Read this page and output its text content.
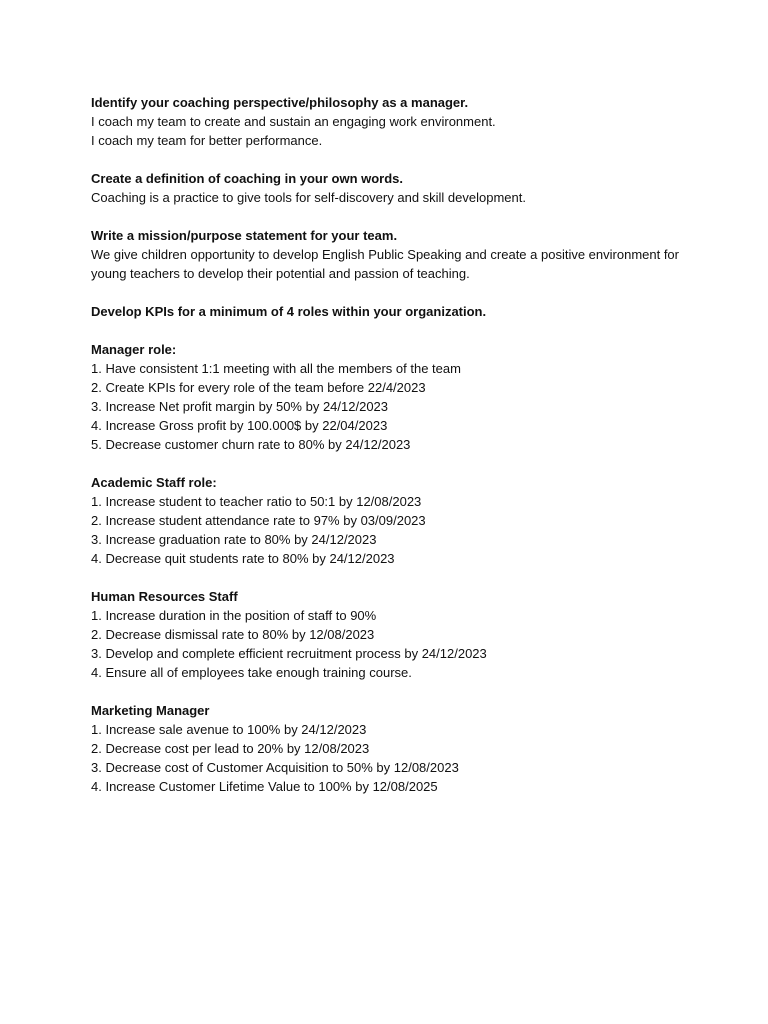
Identify your coaching perspective/philosophy as a manager.
I coach my team to create and sustain an engaging work environment.
I coach my team for better performance.
Create a definition of coaching in your own words.
Coaching is a practice to give tools for self-discovery and skill development.
Write a mission/purpose statement for your team.
We give children opportunity to develop English Public Speaking and create a positive environment for young teachers to develop their potential and passion of teaching.
Develop KPIs for a minimum of 4 roles within your organization.
Manager role:
1. Have consistent 1:1 meeting with all the members of the team
2. Create KPIs for every role of the team before 22/4/2023
3. Increase Net profit margin by 50% by 24/12/2023
4. Increase Gross profit by 100.000$ by 22/04/2023
5. Decrease customer churn rate to 80% by 24/12/2023
Academic Staff role:
1. Increase student to teacher ratio to 50:1 by 12/08/2023
2. Increase student attendance rate to 97% by 03/09/2023
3. Increase graduation rate to 80% by 24/12/2023
4. Decrease quit students rate to 80% by 24/12/2023
Human Resources Staff
1. Increase duration in the position of staff to 90%
2. Decrease dismissal rate to 80% by 12/08/2023
3. Develop and complete efficient recruitment process by 24/12/2023
4. Ensure all of employees take enough training course.
Marketing Manager
1. Increase sale avenue to 100% by 24/12/2023
2. Decrease cost per lead to 20% by 12/08/2023
3. Decrease cost of Customer Acquisition to 50% by 12/08/2023
4. Increase Customer Lifetime Value to 100% by 12/08/2025
